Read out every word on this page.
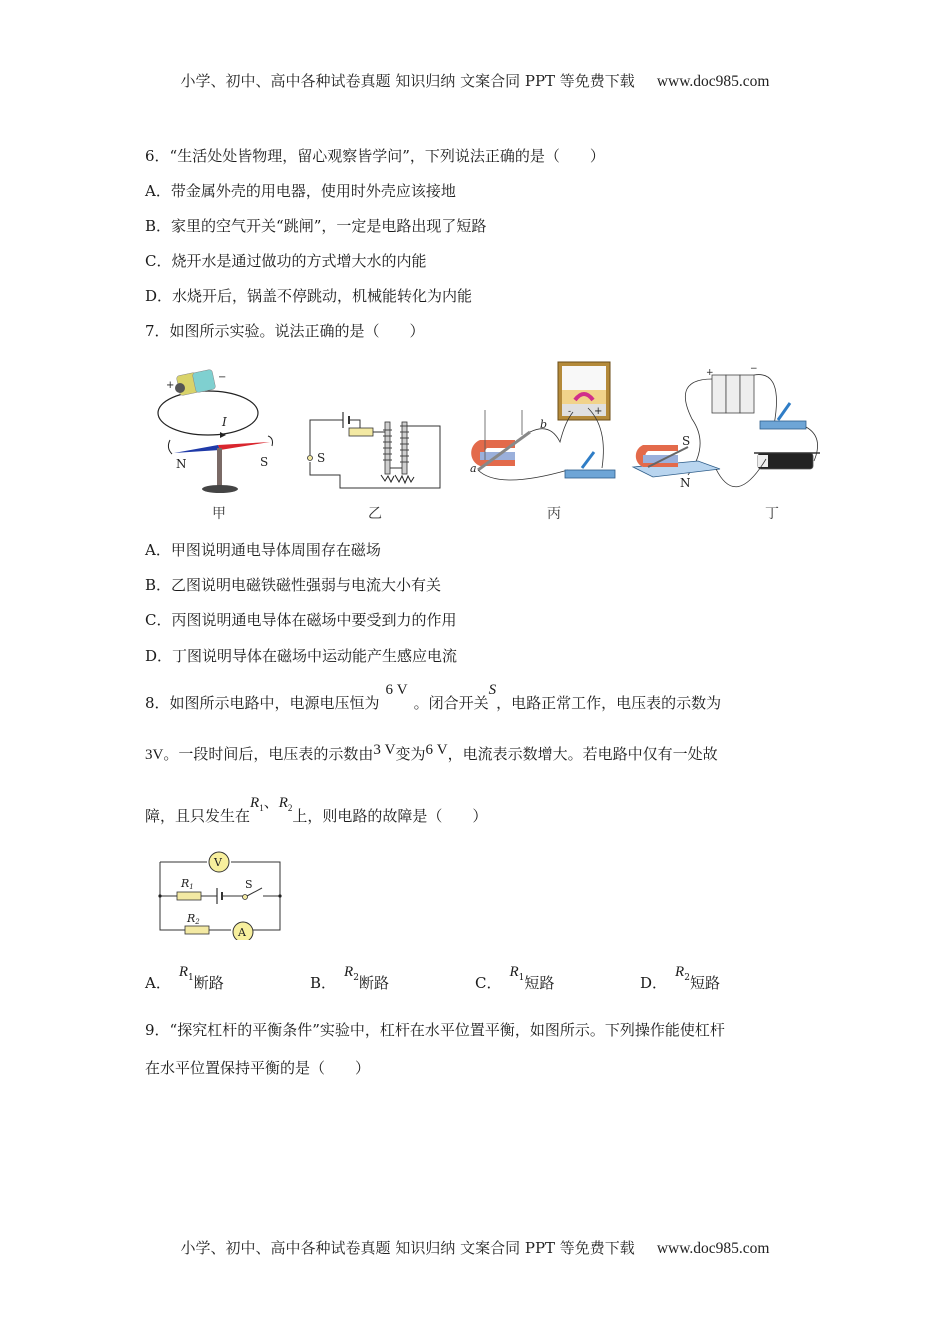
小学、初中、高中各种试卷真题 知识归纳 文案合同 PPT 等免费下载 www.doc985.com
6．“生活处处皆物理，留心观察皆学问”，下列说法正确的是（　　）
A．带金属外壳的用电器，使用时外壳应该接地
B．家里的空气开关“跳闸”，一定是电路出现了短路
C．烧开水是通过做功的方式增大水的内能
D．水烧开后，锅盖不停跳动，机械能转化为内能
7．如图所示实验。说法正确的是（　　）
+
−
I
N	S
甲
S
乙
- +
a
b
丙
+	−
S
N
丁
A．甲图说明通电导体周围存在磁场
B．乙图说明电磁铁磁性强弱与电流大小有关
C．丙图说明通电导体在磁场中要受到力的作用
D．丁图说明导体在磁场中运动能产生感应电流
8．如图所示电路中，电源电压恒为6 V。闭合开关S，电路正常工作，电压表的示数为
3V。一段时间后，电压表的示数由3 V变为6 V，电流表示数增大。若电路中仅有一处故
障，且只发生在$R^1$、$R^2$上，则电路的故障是（　　）
V
R1	S
R2
A
A．$R^1$断路	B．$R^2$断路	C．$R^1$短路	D．$R^2$短路
9．“探究杠杆的平衡条件”实验中，杠杆在水平位置平衡，如图所示。下列操作能使杠杆
在水平位置保持平衡的是（　　）
小学、初中、高中各种试卷真题 知识归纳 文案合同 PPT 等免费下载 www.doc985.com
